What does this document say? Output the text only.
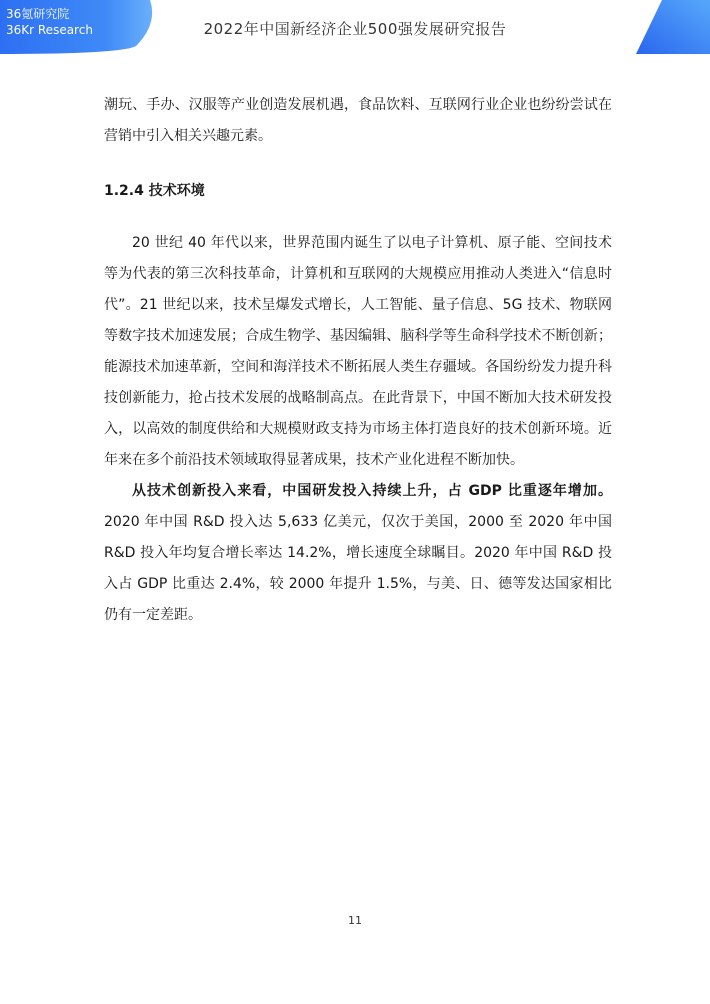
36氪研究院
36Kr Research	2022年中国新经济企业500强发展研究报告

潮玩、手办、汉服等产业创造发展机遇，食品饮料、互联网行业企业也纷纷尝试在营销中引入相关兴趣元素。

1.2.4 技术环境

20 世纪 40 年代以来，世界范围内诞生了以电子计算机、原子能、空间技术等为代表的第三次科技革命，计算机和互联网的大规模应用推动人类进入“信息时代”。21 世纪以来，技术呈爆发式增长，人工智能、量子信息、5G 技术、物联网等数字技术加速发展；合成生物学、基因编辑、脑科学等生命科学技术不断创新；能源技术加速革新，空间和海洋技术不断拓展人类生存疆域。各国纷纷发力提升科技创新能力，抢占技术发展的战略制高点。在此背景下，中国不断加大技术研发投入，以高效的制度供给和大规模财政支持为市场主体打造良好的技术创新环境。近年来在多个前沿技术领域取得显著成果，技术产业化进程不断加快。

从技术创新投入来看，中国研发投入持续上升，占 GDP 比重逐年增加。2020 年中国 R&D 投入达 5,633 亿美元，仅次于美国，2000 至 2020 年中国 R&D 投入年均复合增长率达 14.2%，增长速度全球瞩目。2020 年中国 R&D 投入占 GDP 比重达 2.4%，较 2000 年提升 1.5%，与美、日、德等发达国家相比仍有一定差距。

11
